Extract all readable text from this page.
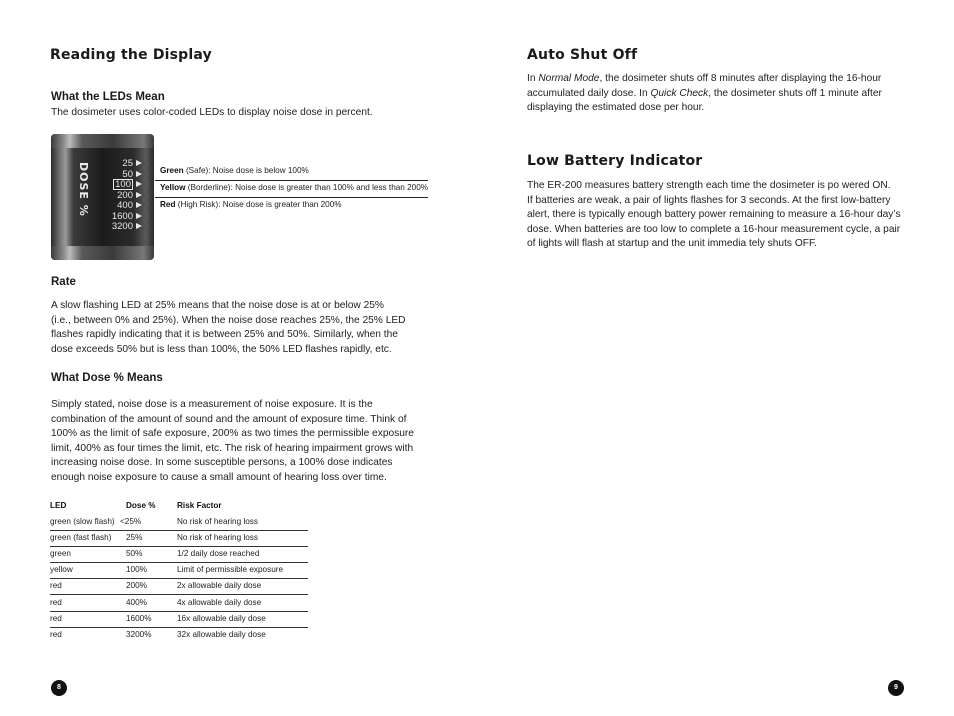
Reading the Display
What the LEDs Mean

The dosimeter uses color-coded LEDs to display noise dose in percent.

DOSE %	25
50
100
200
400
1600
3200
Green (Safe): Noise dose is below 100%
Yellow (Borderline): Noise dose is greater than 100% and less than 200%
Red (High Risk): Noise dose is greater than 200%
Rate

A slow flashing LED at 25% means that the noise dose is at or below 25%
(i.e., between 0% and 25%). When the noise dose reaches 25%, the 25% LED
flashes rapidly indicating that it is between 25% and 50%. Similarly, when the
dose exceeds 50% but is less than 100%, the 50% LED flashes rapidly, etc.

What Dose % Means

Simply stated, noise dose is a measurement of noise exposure. It is the
combination of the amount of sound and the amount of exposure time. Think of
100% as the limit of safe exposure, 200% as two times the permissible exposure
limit, 400% as four times the limit, etc. The risk of hearing impairment grows with
increasing noise dose. In some susceptible persons, a 100% dose indicates
enough noise exposure to cause a small amount of hearing loss over time.

LED	Dose %	Risk Factor
green (slow flash) <25%	No risk of hearing loss
green (fast flash) 25%	No risk of hearing loss
green	50%	1/2 daily dose reached
yellow	100%	Limit of permissible exposure
red	200%	2x allowable daily dose
red	400%	4x allowable daily dose
red	1600%	16x allowable daily dose
red	3200%	32x allowable daily dose
8
Auto Shut Off

In Normal Mode, the dosimeter shuts off 8 minutes after displaying the 16-hour
accumulated daily dose. In Quick Check, the dosimeter shuts off 1 minute after
displaying the estimated dose per hour.

Low Battery Indicator

The ER-200 measures battery strength each time the dosimeter is po wered ON.
If batteries are weak, a pair of lights flashes for 3 seconds. At the first low-battery
alert, there is typically enough battery power remaining to measure a 16-hour day’s
dose. When batteries are too low to complete a 16-hour measurement cycle, a pair
of lights will flash at startup and the unit immedia tely shuts OFF.

9
